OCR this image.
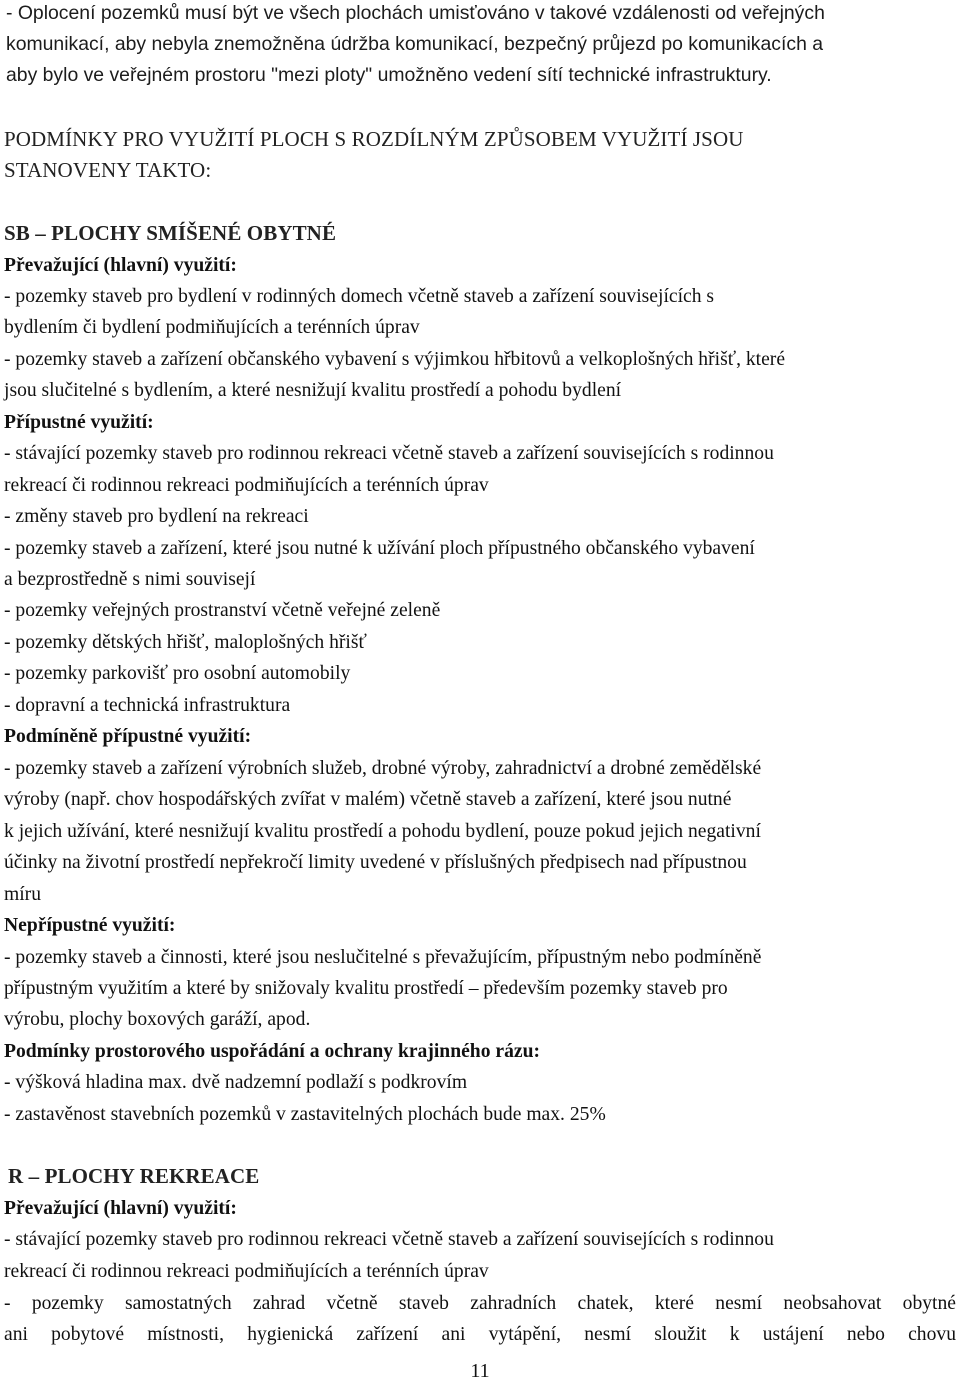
- Oplocení pozemků musí být ve všech plochách umisťováno v takové vzdálenosti od veřejných
komunikací, aby nebyla znemožněna údržba komunikací, bezpečný průjezd po komunikacích a
aby bylo ve veřejném prostoru "mezi ploty" umožněno vedení sítí technické infrastruktury.
PODMÍNKY PRO VYUŽITÍ PLOCH S ROZDÍLNÝM ZPŮSOBEM VYUŽITÍ JSOU
STANOVENY TAKTO:
SB – PLOCHY SMÍŠENÉ OBYTNÉ
Převažující (hlavní) využití:
- pozemky staveb pro bydlení v rodinných domech včetně staveb a zařízení souvisejících s
bydlením či bydlení podmiňujících a terénních úprav
- pozemky staveb a zařízení občanského vybavení s výjimkou hřbitovů a velkoplošných hřišť, které
jsou slučitelné s bydlením, a které nesnižují kvalitu prostředí a pohodu bydlení
Přípustné využití:
- stávající pozemky staveb pro rodinnou rekreaci včetně staveb a zařízení souvisejících s rodinnou
rekreací či rodinnou rekreaci podmiňujících a terénních úprav
- změny staveb pro bydlení na rekreaci
- pozemky staveb a zařízení, které jsou nutné k užívání ploch přípustného občanského vybavení
a bezprostředně s nimi souvisejí
- pozemky veřejných prostranství včetně veřejné zeleně
- pozemky dětských hřišť, maloplošných hřišť
- pozemky parkovišť pro osobní automobily
- dopravní a technická infrastruktura
Podmíněně přípustné využití:
- pozemky staveb a zařízení výrobních služeb, drobné výroby, zahradnictví a drobné zemědělské
výroby (např. chov hospodářských zvířat v malém) včetně staveb a zařízení, které jsou nutné
k jejich užívání, které nesnižují kvalitu prostředí a pohodu bydlení, pouze pokud jejich negativní
účinky na životní prostředí nepřekročí limity uvedené v příslušných předpisech nad přípustnou
míru
Nepřípustné využití:
- pozemky staveb a činnosti, které jsou neslučitelné s převažujícím, přípustným nebo podmíněně
přípustným využitím a které by snižovaly kvalitu prostředí – především pozemky staveb pro
výrobu, plochy boxových garáží, apod.
Podmínky prostorového uspořádání a ochrany krajinného rázu:
- výšková hladina max. dvě nadzemní podlaží s podkrovím
- zastavěnost stavebních pozemků v zastavitelných plochách bude max. 25%
R – PLOCHY REKREACE
Převažující (hlavní) využití:
- stávající pozemky staveb pro rodinnou rekreaci včetně staveb a zařízení souvisejících s rodinnou
rekreací či rodinnou rekreaci podmiňujících a terénních úprav
- pozemky samostatných zahrad včetně staveb zahradních chatek, které nesmí neobsahovat obytné
ani pobytové místnosti, hygienická zařízení ani vytápění, nesmí sloužit k ustájení nebo chovu
11
